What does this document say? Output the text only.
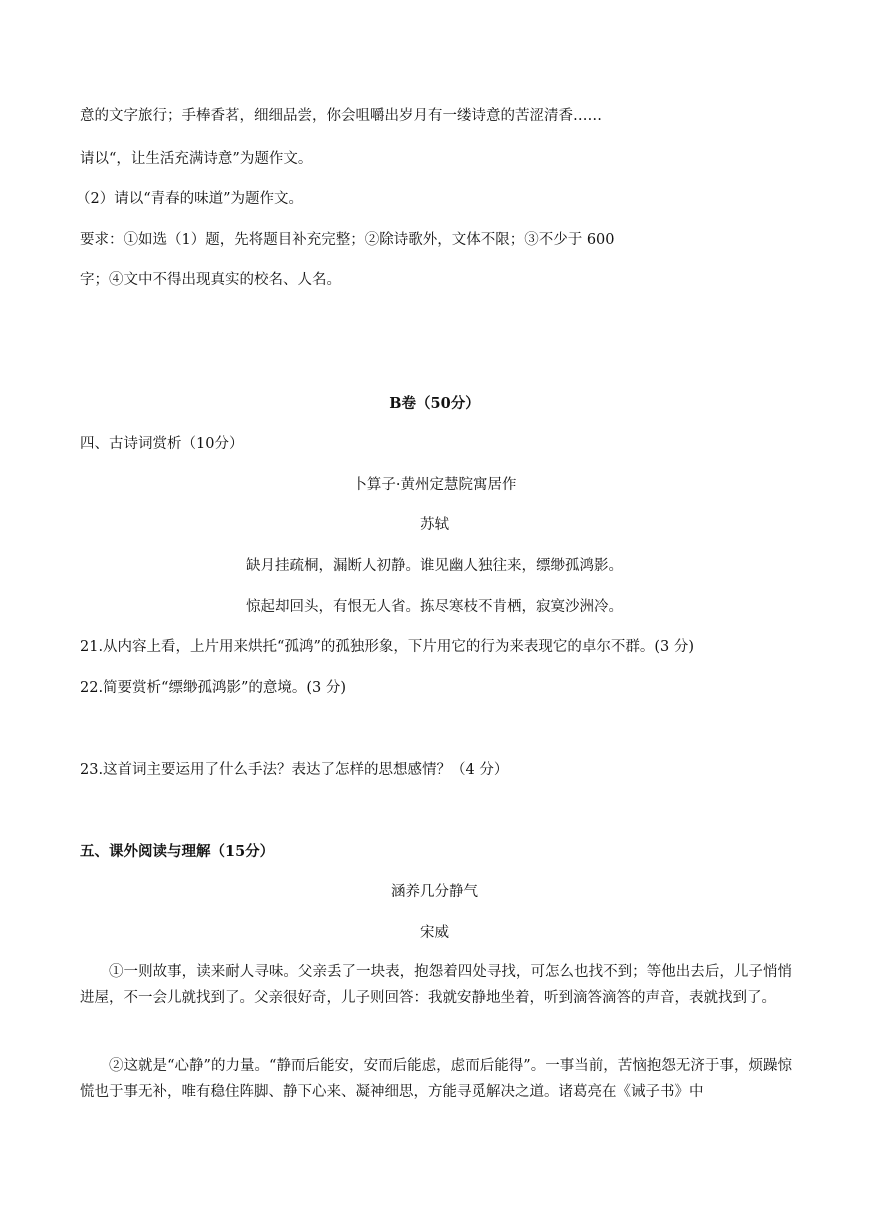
意的文字旅行；手棒香茗，细细品尝，你会咀嚼出岁月有一缕诗意的苦涩清香……
请以“，让生活充满诗意”为题作文。
（2）请以“青春的味道”为题作文。
要求：①如选（1）题，先将题目补充完整；②除诗歌外，文体不限；③不少于 600
字；④文中不得出现真实的校名、人名。
B卷（50分）
四、古诗词赏析（10分）
卜算子·黄州定慧院寓居作
苏轼
缺月挂疏桐，漏断人初静。谁见幽人独往来，缥缈孤鸿影。
惊起却回头，有恨无人省。拣尽寒枝不肯栖，寂寞沙洲冷。
21.从内容上看，上片用来烘托“孤鸿”的孤独形象，下片用它的行为来表现它的卓尔不群。(3 分)
22.简要赏析“缥缈孤鸿影”的意境。(3 分)
23.这首词主要运用了什么手法？表达了怎样的思想感情？（4 分）
五、课外阅读与理解（15分）
涵养几分静气
宋威
①一则故事，读来耐人寻味。父亲丢了一块表，抱怨着四处寻找，可怎么也找不到；等他出去后，儿子悄悄进屋，不一会儿就找到了。父亲很好奇，儿子则回答：我就安静地坐着，听到滴答滴答的声音，表就找到了。
②这就是“心静”的力量。“静而后能安，安而后能虑，虑而后能得”。一事当前，苦恼抱怨无济于事，烦躁惊慌也于事无补，唯有稳住阵脚、静下心来、凝神细思，方能寻觅解决之道。诸葛亮在《诫子书》中
